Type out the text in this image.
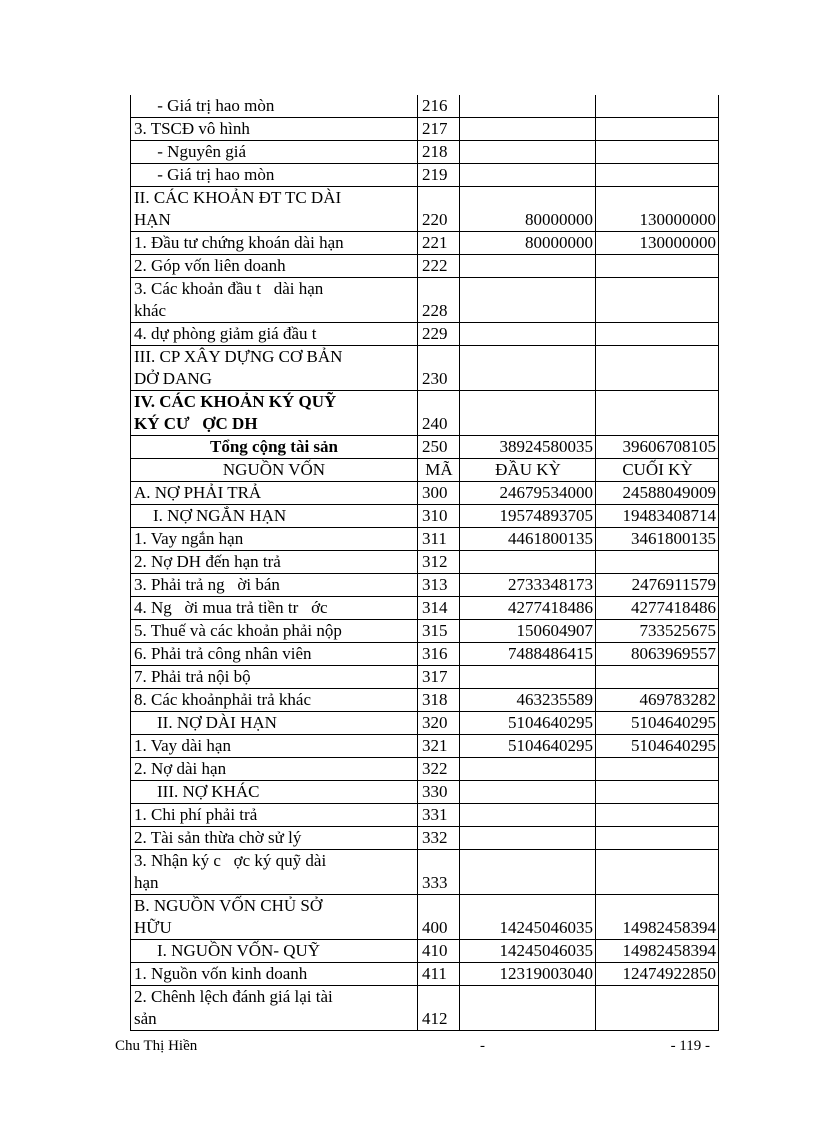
- Giá trị hao mòn	216		
3. TSCĐ vô hình	217		
- Nguyên giá	218		
- Giá trị hao mòn	219		

II. CÁC KHOẢN ĐT TC DÀI
HẠN	220	80000000	130000000
1. Đầu tư chứng khoán dài hạn	221	80000000	130000000
2. Góp vốn liên doanh	222		

3. Các khoản đầu t   dài hạn
khác	228		
4. dự phòng giảm giá đầu t	229		

III. CP XÂY DỰNG CƠ BẢN
DỞ DANG	230		

IV. CÁC KHOẢN KÝ QUỸ
KÝ CƯ   ỢC DH	240		
Tổng cộng tài sản	250	38924580035	39606708105
NGUỒN VỐN	MÃ	ĐẦU KỲ	CUỐI KỲ
A. NỢ PHẢI TRẢ	300	24679534000	24588049009
I. NỢ NGẮN HẠN	310	19574893705	19483408714
1. Vay ngắn hạn	311	4461800135	3461800135
2. Nợ DH đến hạn trả	312		
3. Phải trả ng   ời bán	313	2733348173	2476911579
4. Ng   ời mua trả tiền tr   ớc	314	4277418486	4277418486
5. Thuế và các khoản phải nộp	315	150604907	733525675
6. Phải trả công nhân viên	316	7488486415	8063969557
7. Phải trả nội bộ	317		
8. Các khoảnphải trả khác	318	463235589	469783282
II. NỢ DÀI HẠN	320	5104640295	5104640295
1. Vay dài hạn	321	5104640295	5104640295
2. Nợ dài hạn	322		
III. NỢ KHÁC	330		
1. Chi phí phải trả	331		
2. Tài sản thừa chờ sử lý	332		

3. Nhận ký c   ợc ký quỹ dài
hạn	333		

B. NGUỒN VỐN CHỦ SỞ
HỮU	400	14245046035	14982458394
I. NGUỒN VỐN- QUỸ	410	14245046035	14982458394
1. Nguồn vốn kinh doanh	411	12319003040	12474922850

2. Chênh lệch đánh giá lại tài
sản	412		
Chu Thị Hiền	-	- 119 -
